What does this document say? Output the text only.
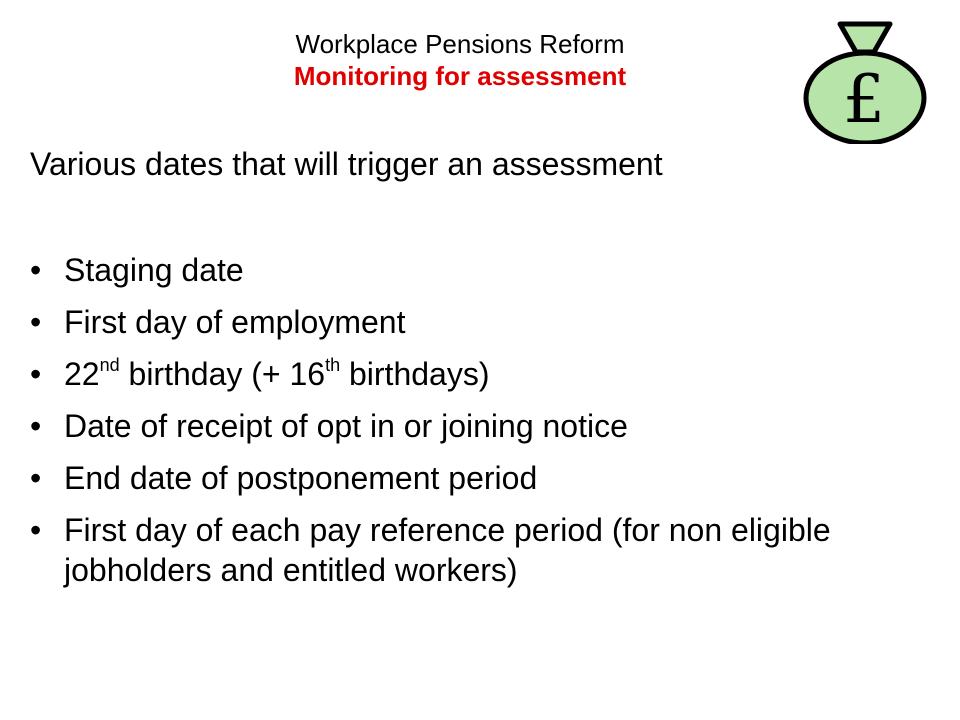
Workplace Pensions Reform
Monitoring for assessment	£
Various dates that will trigger an assessment
• Staging date
• First day of employment
• 22nd birthday (+ 16th birthdays)
• Date of receipt of opt in or joining notice
• End date of postponement period
• First day of each pay reference period (for non eligible jobholders and entitled workers)
